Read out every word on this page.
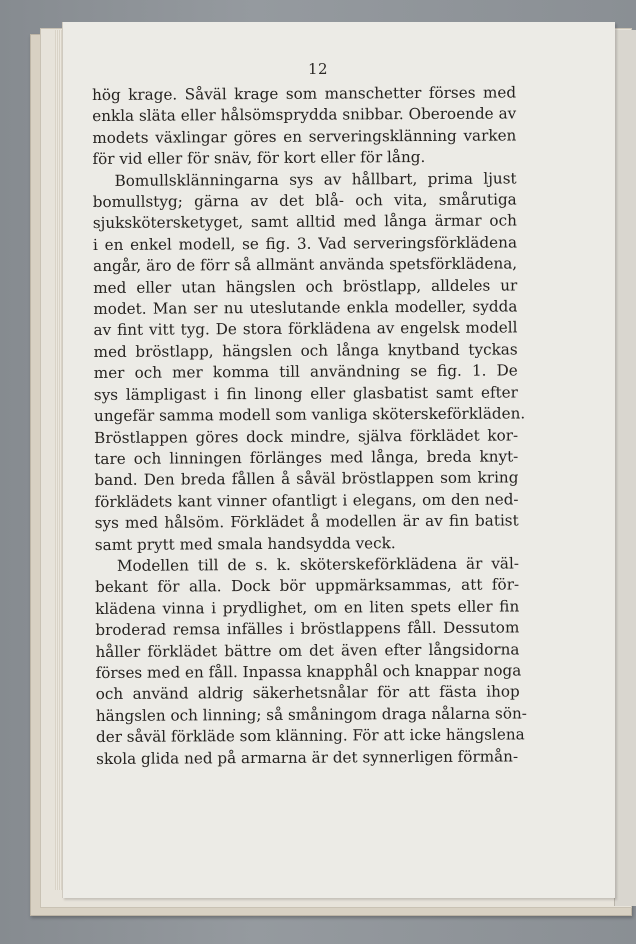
12
hög krage. Såväl krage som manschetter förses med
enkla släta eller hålsömsprydda snibbar. Oberoende av
modets växlingar göres en serveringsklänning varken
för vid eller för snäv, för kort eller för lång.
Bomullsklänningarna sys av hållbart, prima ljust
bomullstyg; gärna av det blå- och vita, smårutiga
sjukskötersketyget, samt alltid med långa ärmar och
i en enkel modell, se fig. 3. Vad serveringsförklädena
angår, äro de förr så allmänt använda spetsförklädena,
med eller utan hängslen och bröstlapp, alldeles ur
modet. Man ser nu uteslutande enkla modeller, sydda
av fint vitt tyg. De stora förklädena av engelsk modell
med bröstlapp, hängslen och långa knytband tyckas
mer och mer komma till användning se fig. 1. De
sys lämpligast i fin linong eller glasbatist samt efter
ungefär samma modell som vanliga sköterskeförkläden.
Bröstlappen göres dock mindre, själva förklädet kor-
tare och linningen förlänges med långa, breda knyt-
band. Den breda fållen å såväl bröstlappen som kring
förklädets kant vinner ofantligt i elegans, om den ned-
sys med hålsöm. Förklädet å modellen är av fin batist
samt prytt med smala handsydda veck.
Modellen till de s. k. sköterskeförklädena är väl-
bekant för alla. Dock bör uppmärksammas, att för-
klädena vinna i prydlighet, om en liten spets eller fin
broderad remsa infälles i bröstlappens fåll. Dessutom
håller förklädet bättre om det även efter långsidorna
förses med en fåll. Inpassa knapphål och knappar noga
och använd aldrig säkerhetsnålar för att fästa ihop
hängslen och linning; så småningom draga nålarna sön-
der såväl förkläde som klänning. För att icke hängslena
skola glida ned på armarna är det synnerligen förmån-
